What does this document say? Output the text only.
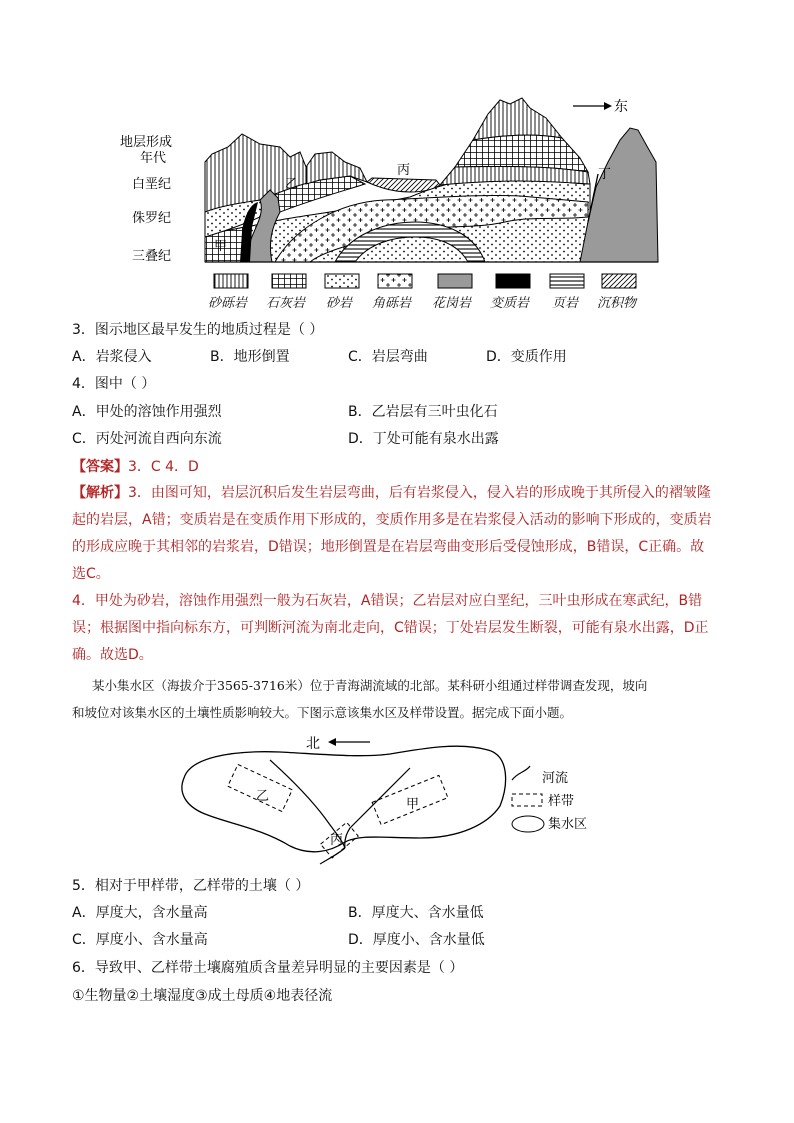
地层形成
年代
白垩纪
侏罗纪
三叠纪
东
乙
甲
丙	丁
砂砾岩 石灰岩 砂岩 角砾岩 花岗岩 变质岩 页岩 沉积物
3．图示地区最早发生的地质过程是（ ）
A．岩浆侵入	B．地形倒置	C．岩层弯曲	D．变质作用
4．图中（ ）
A．甲处的溶蚀作用强烈	B．乙岩层有三叶虫化石
C．丙处河流自西向东流	D．丁处可能有泉水出露
【答案】3．C 4．D
【解析】3．由图可知，岩层沉积后发生岩层弯曲，后有岩浆侵入，侵入岩的形成晚于其所侵入的褶皱隆
起的岩层，A错；变质岩是在变质作用下形成的，变质作用多是在岩浆侵入活动的影响下形成的，变质岩
的形成应晚于其相邻的岩浆岩，D错误；地形倒置是在岩层弯曲变形后受侵蚀形成，B错误，C正确。故
选C。
4．甲处为砂岩，溶蚀作用强烈一般为石灰岩，A错误；乙岩层对应白垩纪，三叶虫形成在寒武纪，B错
误；根据图中指向标东方，可判断河流为南北走向，C错误；丁处岩层发生断裂，可能有泉水出露，D正
确。故选D。
某小集水区（海拔介于3565-3716米）位于青海湖流域的北部。某科研小组通过样带调查发现，坡向
和坡位对该集水区的土壤性质影响较大。下图示意该集水区及样带设置。据完成下面小题。
北
乙
甲
丙
河流
样带
集水区
5．相对于甲样带，乙样带的土壤（ ）
A．厚度大，含水量高	B．厚度大、含水量低
C．厚度小、含水量高	D．厚度小、含水量低
6．导致甲、乙样带土壤腐殖质含量差异明显的主要因素是（ ）
①生物量②土壤湿度③成土母质④地表径流
